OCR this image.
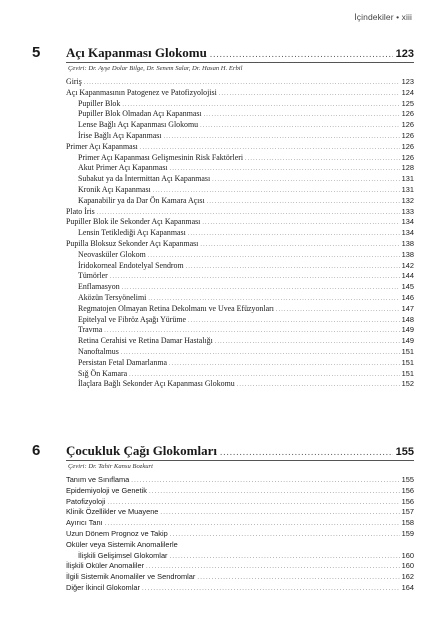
İçindekiler • xiii
5 Açı Kapanması Glokomu .....	123
Çeviri: Dr. Ayşe Dolar Bilge, Dr. Senem Salar, Dr. Hasan H. Erbil
Giriş .....	123
Açı Kapanmasının Patogenez ve Patofizyolojisi .....	124
Pupiller Blok .....	125
Pupiller Blok Olmadan Açı Kapanması .....	126
Lense Bağlı Açı Kapanması Glokomu .....	126
İrise Bağlı Açı Kapanması .....	126
Primer Açı Kapanması .....	126
Primer Açı Kapanması Gelişmesinin Risk Faktörleri .....	126
Akut Primer Açı Kapanması .....	128
Subakut ya da İntermittan Açı Kapanması .....	131
Kronik Açı Kapanması .....	131
Kapanabilir ya da Dar Ön Kamara Açısı .....	132
Plato İris .....	133
Pupiller Blok ile Sekonder Açı Kapanması .....	134
Lensin Tetiklediği Açı Kapanması .....	134
Pupilla Bloksuz Sekonder Açı Kapanması .....	138
Neovasküler Glokom .....	138
İridokorneal Endotelyal Sendrom .....	142
Tümörler .....	144
Enflamasyon .....	145
Aközün Tersyönelimi .....	146
Regmatojen Olmayan Retina Dekolmanı ve Uvea Efüzyonları .....	147
Epitelyal ve Fibröz Aşağı Yürüme .....	148
Travma .....	149
Retina Cerahisi ve Retina Damar Hastalığı .....	149
Nanoftalmus .....	151
Persistan Fetal Damarlanma .....	151
Sığ Ön Kamara .....	151
İlaçlara Bağlı Sekonder Açı Kapanması Glokomu .....	152
6 Çocukluk Çağı Glokomları .....	155
Çeviri: Dr. Tahir Kansu Bozkurt
Tanım ve Sınıflama .....	155
Epidemiyoloji ve Genetik .....	156
Patofizyoloji .....	156
Klinik Özellikler ve Muayene .....	157
Ayırıcı Tanı .....	158
Uzun Dönem Prognoz ve Takip .....	159
Oküler veya Sistemik Anomalilerle
İlişkili Gelişimsel Glokomlar .....	160
İlişkili Oküler Anomaliler .....	160
İlgili Sistemik Anomaliler ve Sendromlar .....	162
Diğer İkincil Glokomlar .....	164
